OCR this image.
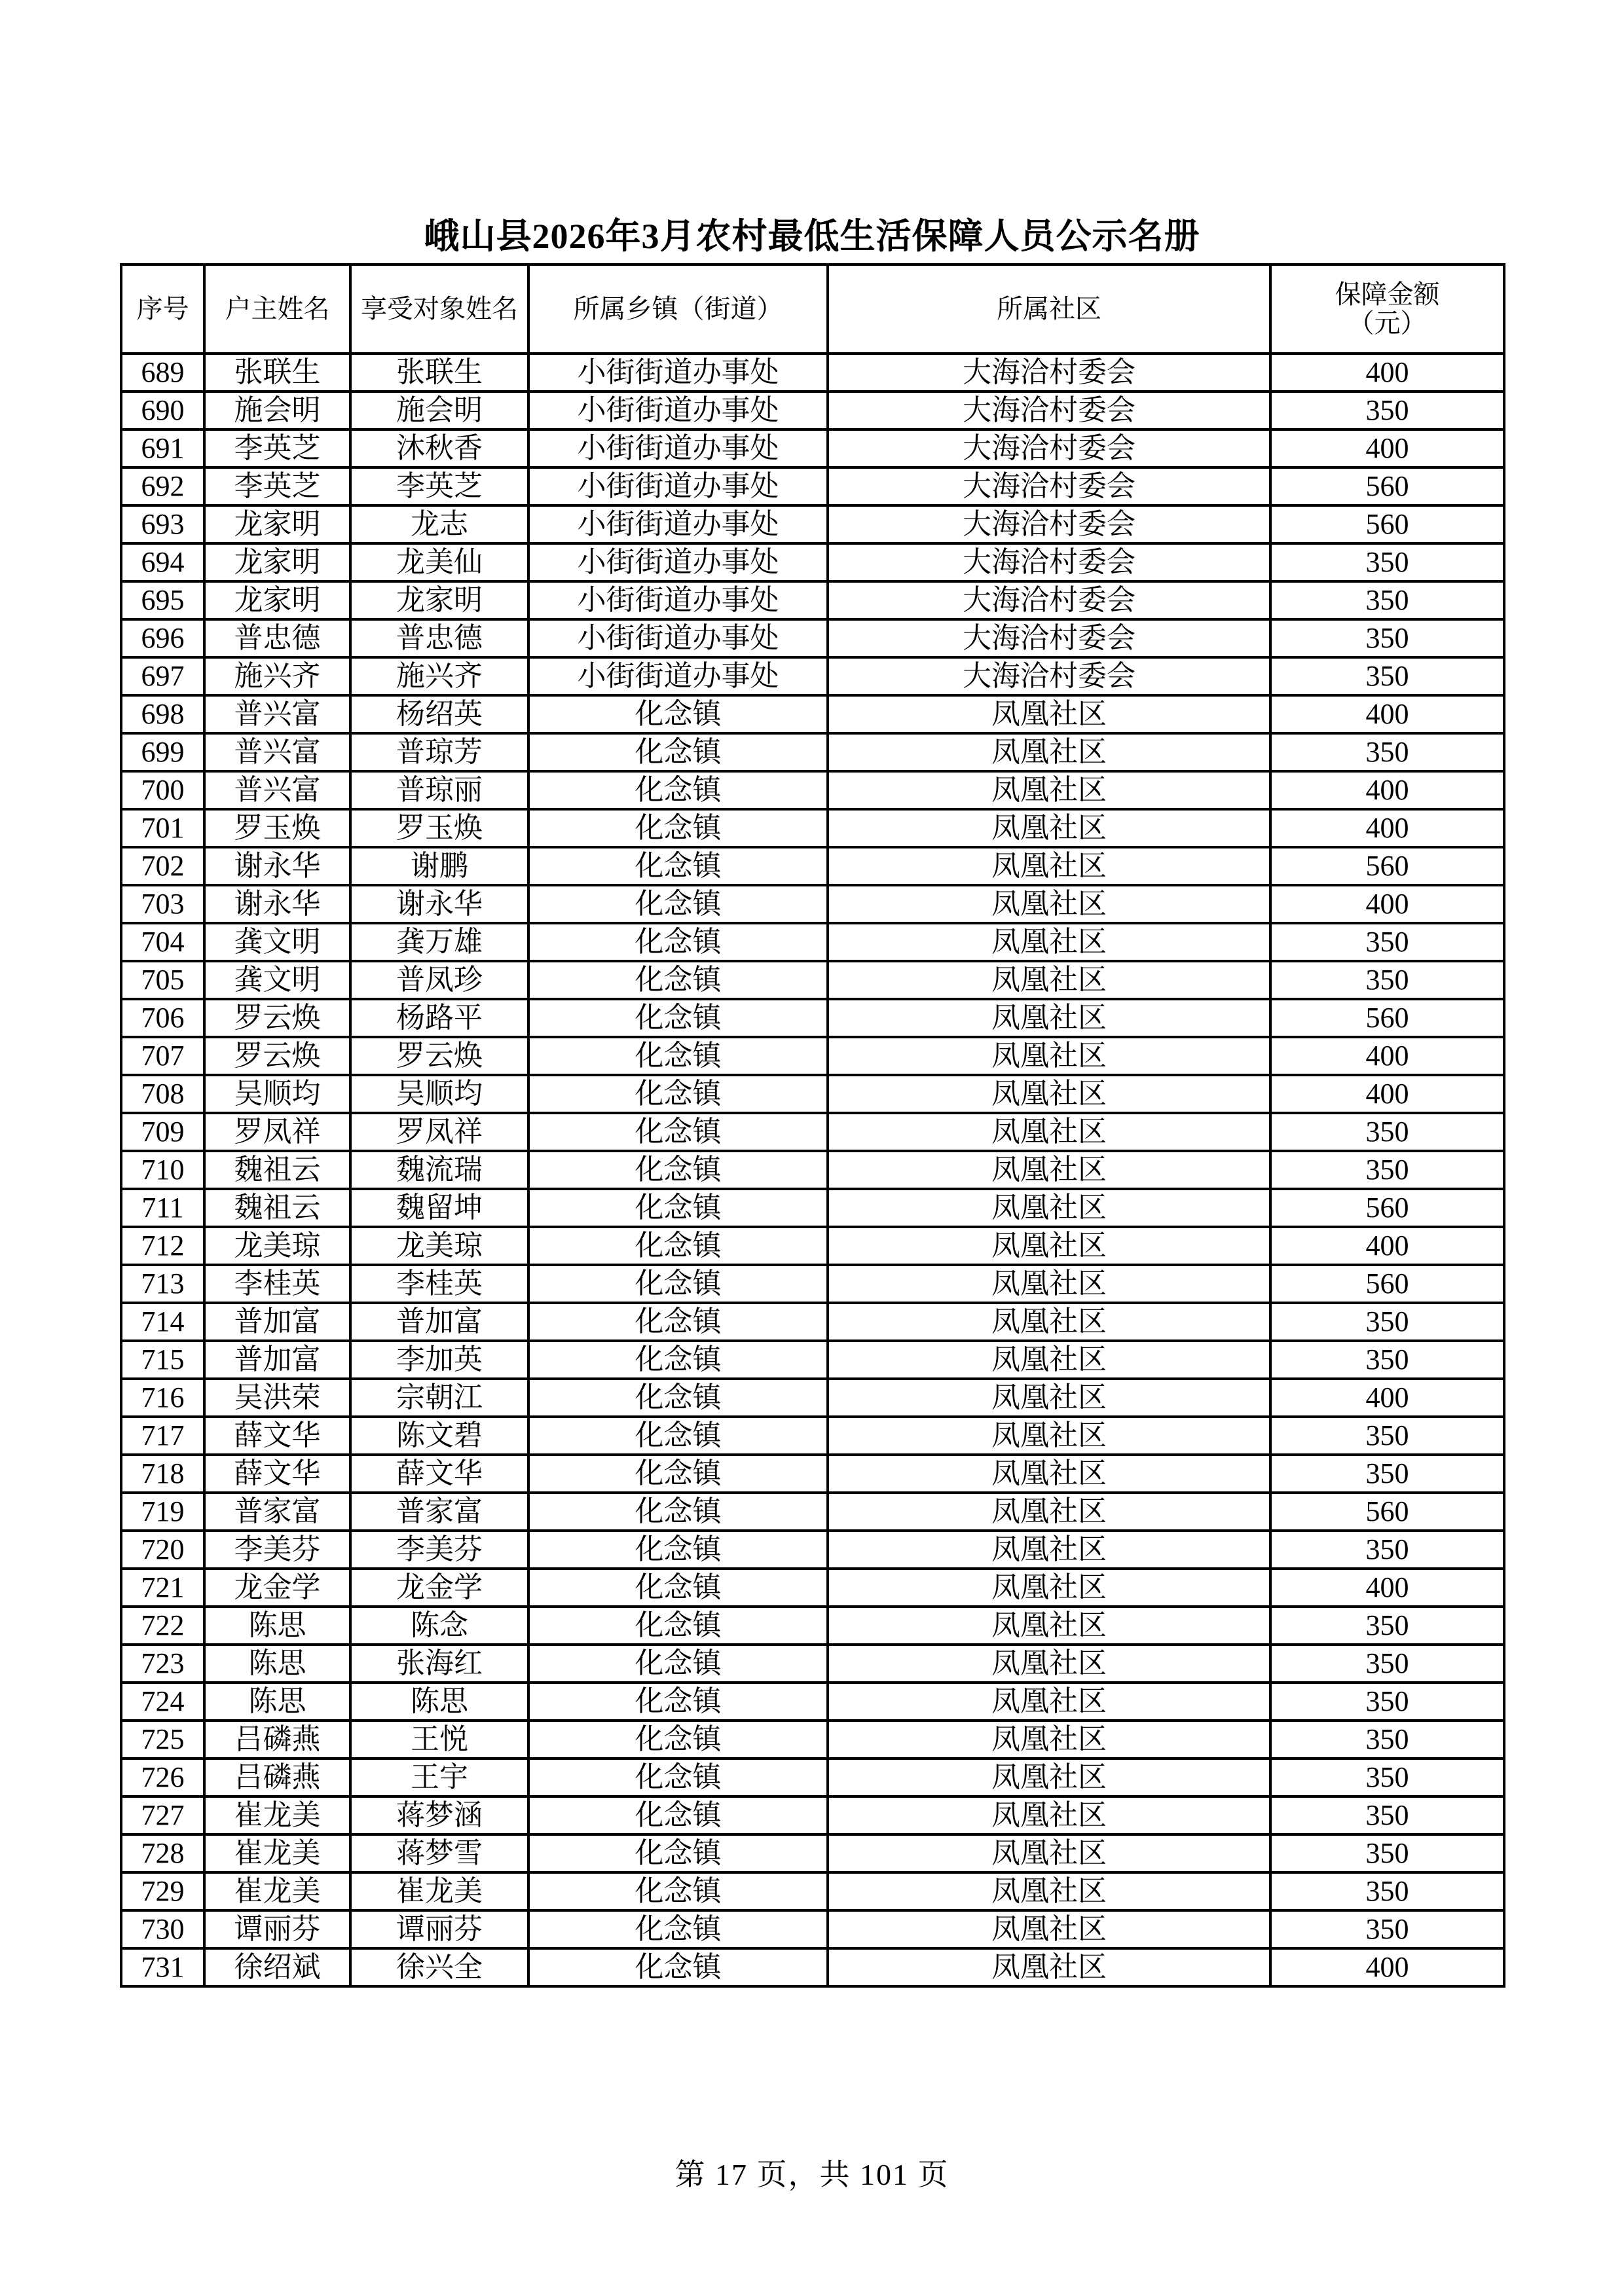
峨山县2026年3月农村最低生活保障人员公示名册
序号	户主姓名	享受对象姓名	所属乡镇（街道）	所属社区	保障金额
（元）

689	张联生	张联生	小街街道办事处	大海洽村委会	400
690	施会明	施会明	小街街道办事处	大海洽村委会	350
691	李英芝	沐秋香	小街街道办事处	大海洽村委会	400
692	李英芝	李英芝	小街街道办事处	大海洽村委会	560
693	龙家明	龙志	小街街道办事处	大海洽村委会	560
694	龙家明	龙美仙	小街街道办事处	大海洽村委会	350
695	龙家明	龙家明	小街街道办事处	大海洽村委会	350
696	普忠德	普忠德	小街街道办事处	大海洽村委会	350
697	施兴齐	施兴齐	小街街道办事处	大海洽村委会	350
698	普兴富	杨绍英	化念镇	凤凰社区	400
699	普兴富	普琼芳	化念镇	凤凰社区	350
700	普兴富	普琼丽	化念镇	凤凰社区	400
701	罗玉焕	罗玉焕	化念镇	凤凰社区	400
702	谢永华	谢鹏	化念镇	凤凰社区	560
703	谢永华	谢永华	化念镇	凤凰社区	400
704	龚文明	龚万雄	化念镇	凤凰社区	350
705	龚文明	普凤珍	化念镇	凤凰社区	350
706	罗云焕	杨路平	化念镇	凤凰社区	560
707	罗云焕	罗云焕	化念镇	凤凰社区	400
708	吴顺均	吴顺均	化念镇	凤凰社区	400
709	罗凤祥	罗凤祥	化念镇	凤凰社区	350
710	魏祖云	魏流瑞	化念镇	凤凰社区	350
711	魏祖云	魏留坤	化念镇	凤凰社区	560
712	龙美琼	龙美琼	化念镇	凤凰社区	400
713	李桂英	李桂英	化念镇	凤凰社区	560
714	普加富	普加富	化念镇	凤凰社区	350
715	普加富	李加英	化念镇	凤凰社区	350
716	吴洪荣	宗朝江	化念镇	凤凰社区	400
717	薛文华	陈文碧	化念镇	凤凰社区	350
718	薛文华	薛文华	化念镇	凤凰社区	350
719	普家富	普家富	化念镇	凤凰社区	560
720	李美芬	李美芬	化念镇	凤凰社区	350
721	龙金学	龙金学	化念镇	凤凰社区	400
722	陈思	陈念	化念镇	凤凰社区	350
723	陈思	张海红	化念镇	凤凰社区	350
724	陈思	陈思	化念镇	凤凰社区	350
725	吕磷燕	王悦	化念镇	凤凰社区	350
726	吕磷燕	王宇	化念镇	凤凰社区	350
727	崔龙美	蒋梦涵	化念镇	凤凰社区	350
728	崔龙美	蒋梦雪	化念镇	凤凰社区	350
729	崔龙美	崔龙美	化念镇	凤凰社区	350
730	谭丽芬	谭丽芬	化念镇	凤凰社区	350
731	徐绍斌	徐兴全	化念镇	凤凰社区	400
第 17 页，共 101 页
